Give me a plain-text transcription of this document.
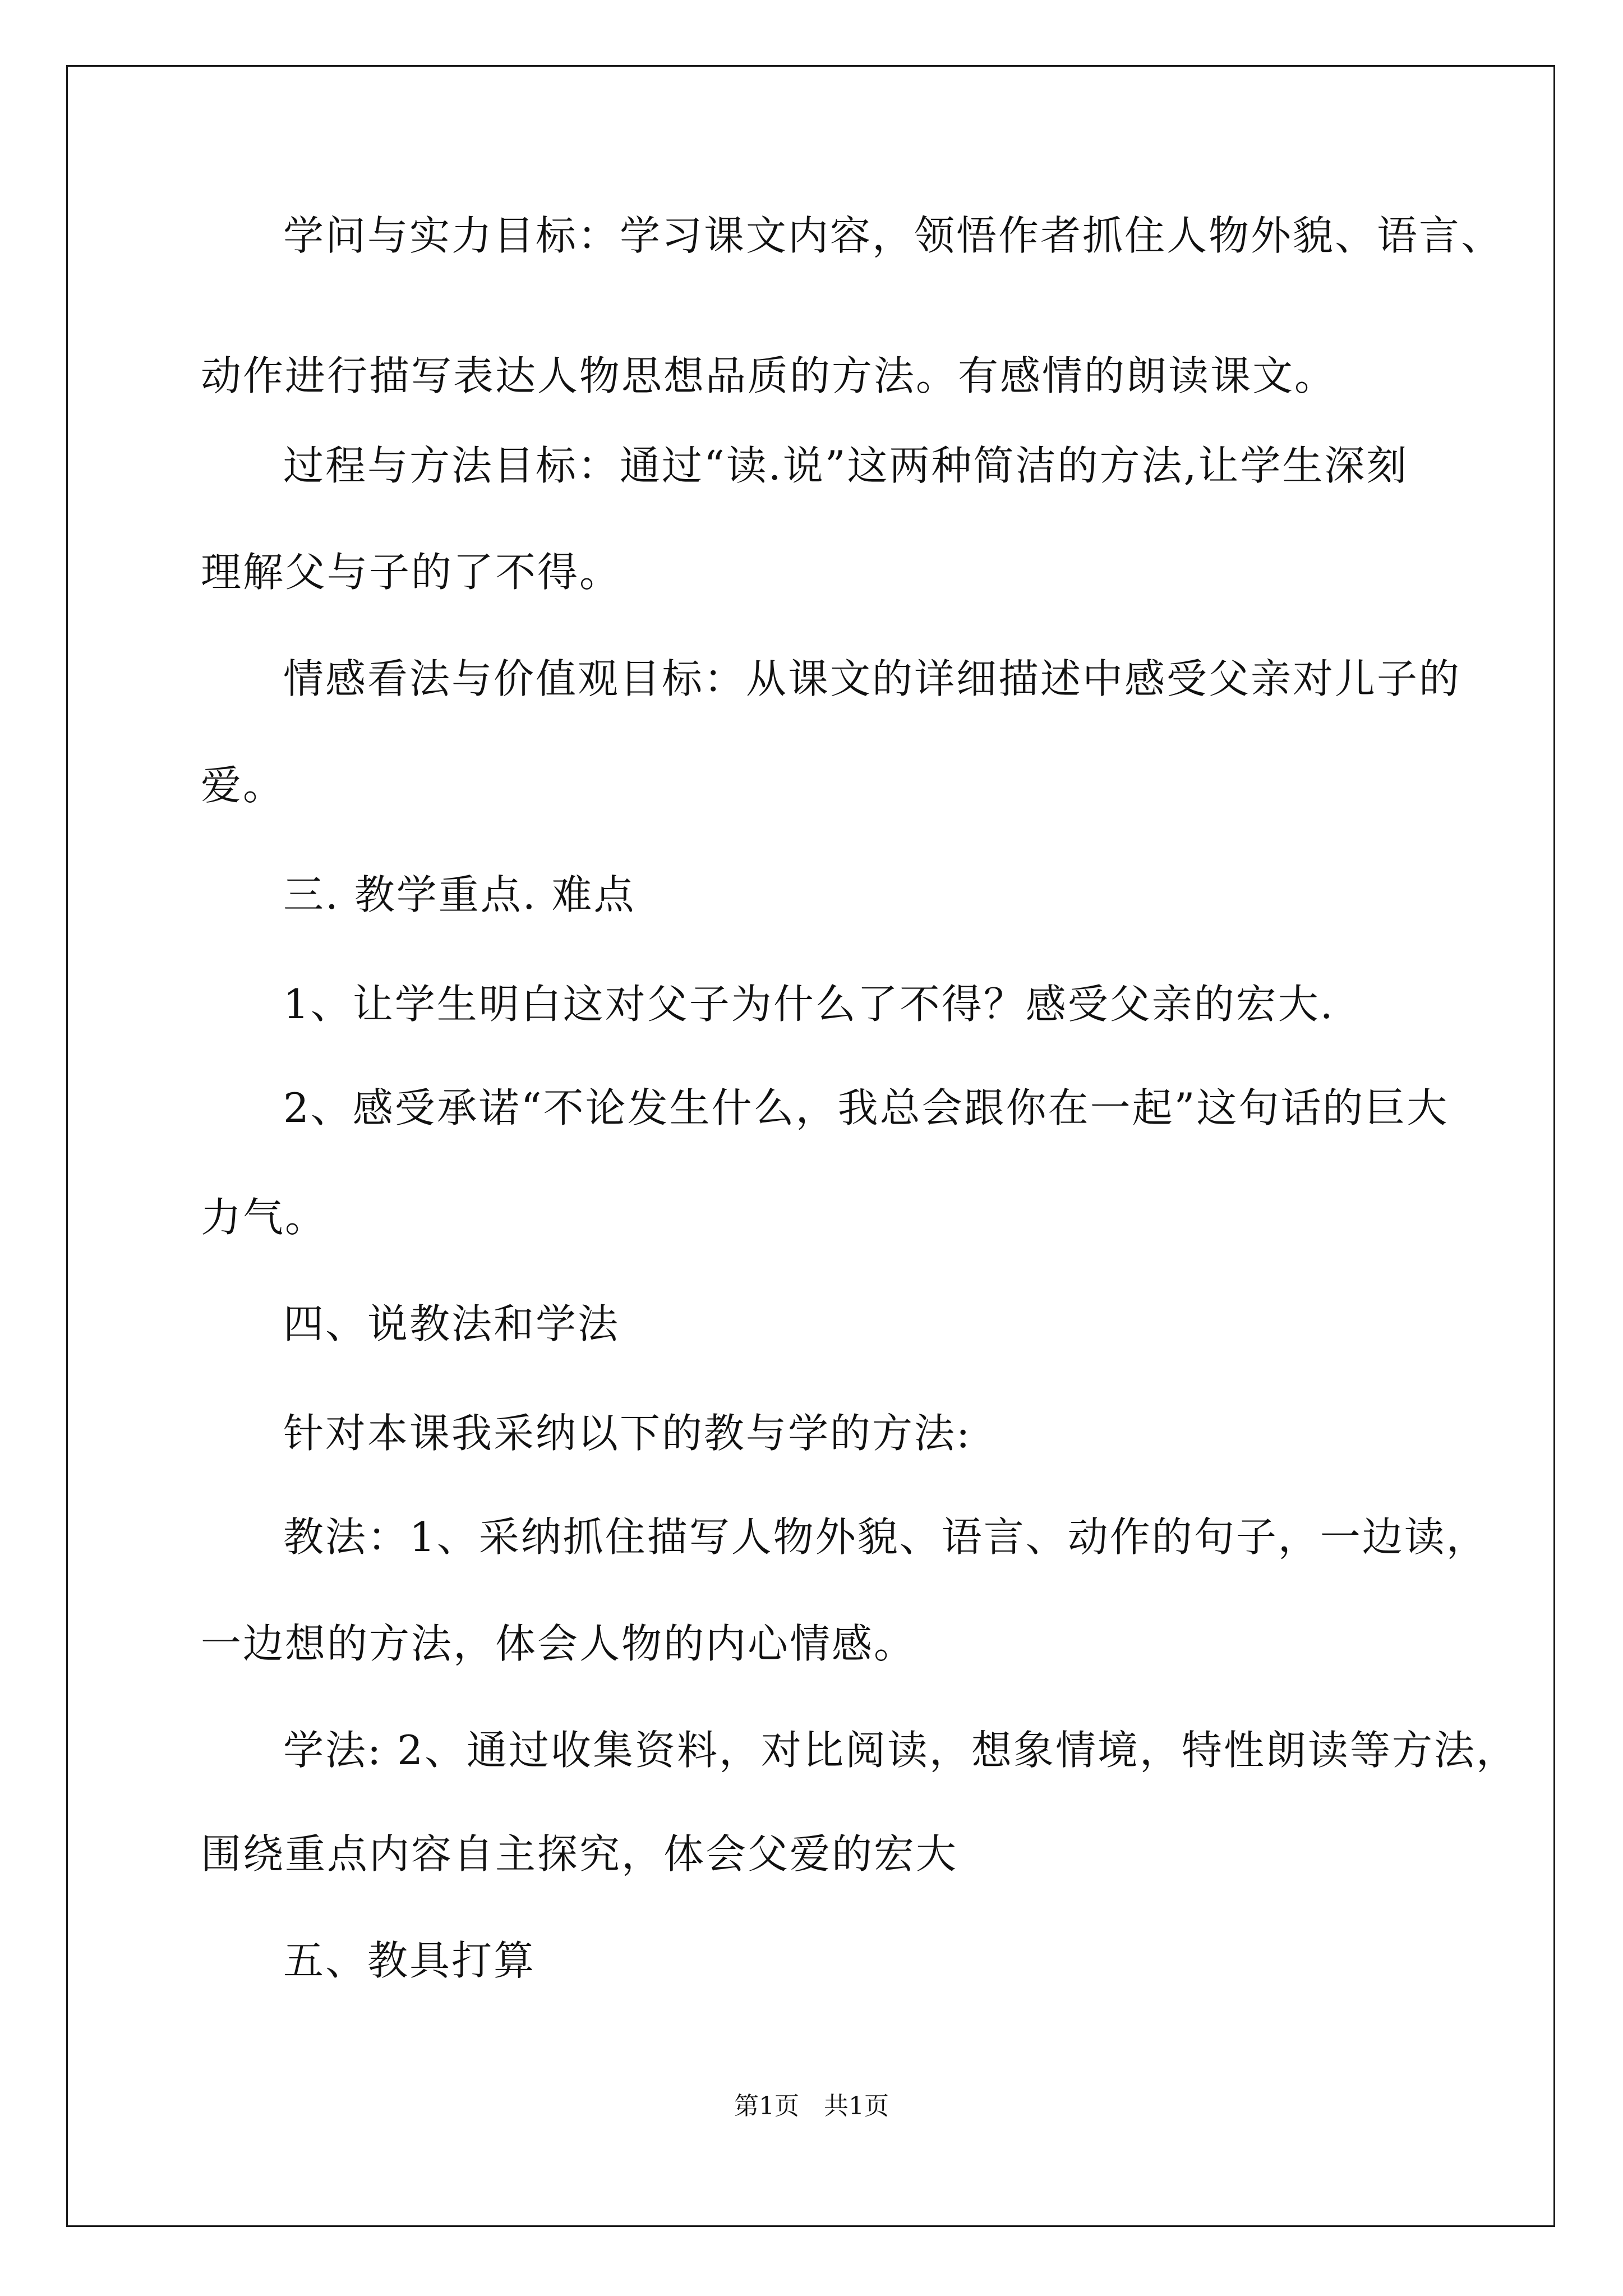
学问与实力目标：学习课文内容，领悟作者抓住人物外貌、语言、
动作进行描写表达人物思想品质的方法。有感情的朗读课文。
过程与方法目标：通过“读.说”这两种简洁的方法,让学生深刻
理解父与子的了不得。
情感看法与价值观目标：从课文的详细描述中感受父亲对儿子的
爱。
三. 教学重点. 难点
1、让学生明白这对父子为什么了不得？感受父亲的宏大.
2、感受承诺“不论发生什么，我总会跟你在一起”这句话的巨大
力气。
四、说教法和学法
针对本课我采纳以下的教与学的方法:
教法：1、采纳抓住描写人物外貌、语言、动作的句子，一边读，
一边想的方法，体会人物的内心情感。
学法: 2、通过收集资料，对比阅读，想象情境，特性朗读等方法，
围绕重点内容自主探究，体会父爱的宏大
五、教具打算
第1页 共1页
